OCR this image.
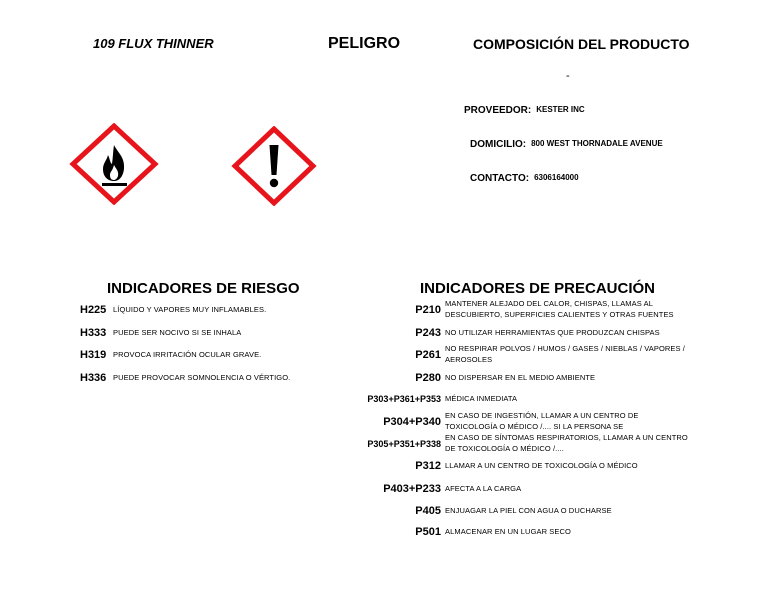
109 FLUX THINNER	PELIGRO	COMPOSICIÓN DEL PRODUCTO
-
PROVEEDOR: KESTER INC
DOMICILIO: 800 WEST THORNADALE AVENUE
CONTACTO: 6306164000
INDICADORES DE RIESGO
H225 LÍQUIDO Y VAPORES MUY INFLAMABLES.
H333 PUEDE SER NOCIVO SI SE INHALA
H319 PROVOCA IRRITACIÓN OCULAR GRAVE.
H336 PUEDE PROVOCAR SOMNOLENCIA O VÉRTIGO.
INDICADORES DE PRECAUCIÓN
P210 MANTENER ALEJADO DEL CALOR, CHISPAS, LLAMAS AL
DESCUBIERTO, SUPERFICIES CALIENTES Y OTRAS FUENTES
P243 NO UTILIZAR HERRAMIENTAS QUE PRODUZCAN CHISPAS
P261 NO RESPIRAR POLVOS / HUMOS / GASES / NIEBLAS / VAPORES /
AEROSOLES
P280 NO DISPERSAR EN EL MEDIO AMBIENTE
P303+P361+P353 MÉDICA INMEDIATA
P304+P340 EN CASO DE INGESTIÓN, LLAMAR A UN CENTRO DE
TOXICOLOGÍA O MÉDICO /.... SI LA PERSONA SE
P305+P351+P338
EN CASO DE SÍNTOMAS RESPIRATORIOS, LLAMAR A UN CENTRO
DE TOXICOLOGÍA O MÉDICO /....
P312 LLAMAR A UN CENTRO DE TOXICOLOGÍA O MÉDICO
P403+P233 AFECTA A LA CARGA
P405 ENJUAGAR LA PIEL CON AGUA O DUCHARSE
P501 ALMACENAR EN UN LUGAR SECO
